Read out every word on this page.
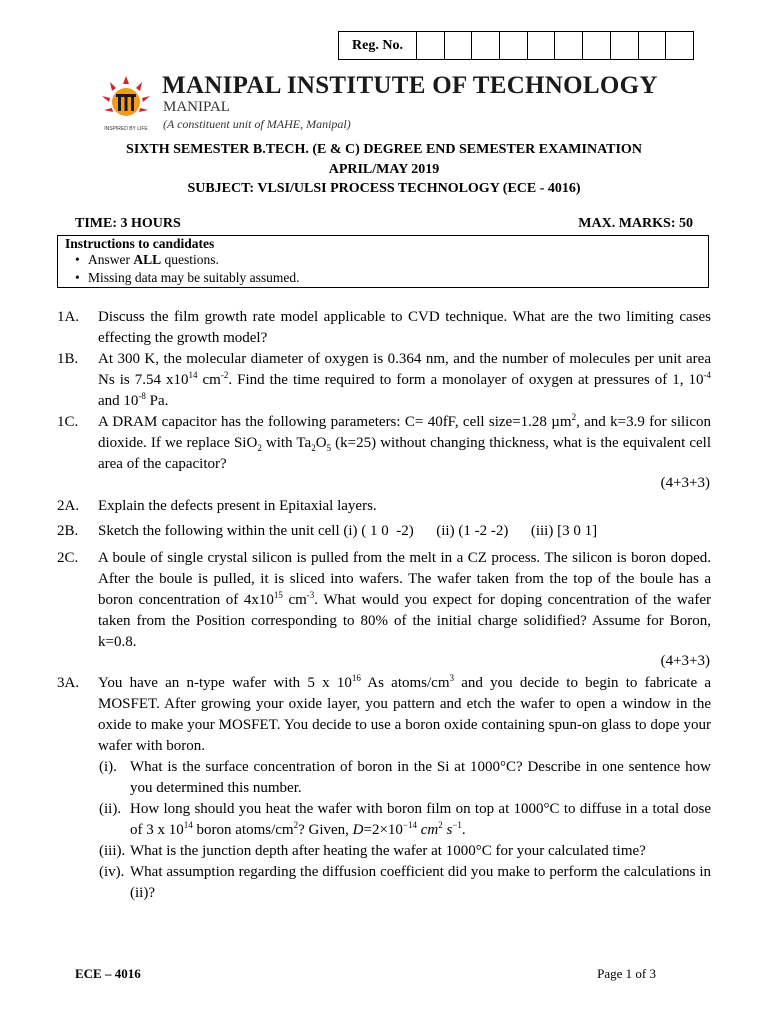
Reg. No.
INSPIRED BY LIFE
MANIPAL INSTITUTE OF TECHNOLOGY
MANIPAL
(A constituent unit of MAHE, Manipal)
SIXTH SEMESTER B.TECH. (E & C) DEGREE END SEMESTER EXAMINATION
APRIL/MAY 2019
SUBJECT: VLSI/ULSI PROCESS TECHNOLOGY (ECE - 4016)
TIME: 3 HOURS	MAX. MARKS: 50
Instructions to candidates
• Answer ALL questions.
• Missing data may be suitably assumed.
1A.	Discuss the film growth rate model applicable to CVD technique. What are the two limiting cases effecting the growth model?
1B.	At 300 K, the molecular diameter of oxygen is 0.364 nm, and the number of molecules per unit area Ns is 7.54 $x10^{14}$ $cm^{-2}$. Find the time required to form a monolayer of oxygen at pressures of 1, $10^{-4}$ and $10^{-8}$ Pa.
1C.	A DRAM capacitor has the following parameters: C= 40fF, cell size=1.28 µm$^2$, and k=3.9 for silicon dioxide. If we replace SiO$_2$ with $Ta_2O_5$ (k=25) without changing thickness, what is the equivalent cell area of the capacitor?
(4+3+3)
2A.	Explain the defects present in Epitaxial layers.
2B.	Sketch the following within the unit cell (i) ( 1 0  -2)      (ii) (1 -2 -2)      (iii) [3 0 1]
2C.	A boule of single crystal silicon is pulled from the melt in a CZ process. The silicon is boron doped. After the boule is pulled, it is sliced into wafers. The wafer taken from the top of the boule has a boron concentration of $4x10^{15}$ $cm^{-3}$. What would you expect for doping concentration of the wafer taken from the Position corresponding to 80% of the initial charge solidified? Assume for Boron, k=0.8.
(4+3+3)
3A.	You have an n-type wafer with 5 x $10^{16}$ As atoms/$cm^3$ and you decide to begin to fabricate a MOSFET. After growing your oxide layer, you pattern and etch the wafer to open a window in the oxide to make your MOSFET. You decide to use a boron oxide containing spun-on glass to dope your wafer with boron.
(i). What is the surface concentration of boron in the Si at 1000°C? Describe in one sentence how you determined this number.
(ii). How long should you heat the wafer with boron film on top at 1000°C to diffuse in a total dose of 3 x $10^{14}$ boron atoms/$cm^2$? Given, $D=2\times 10^{-14}$ $cm^2$ $s^{-1}$.
(iii). What is the junction depth after heating the wafer at 1000°C for your calculated time?
(iv). What assumption regarding the diffusion coefficient did you make to perform the calculations in (ii)?
ECE – 4016	Page 1 of 3
